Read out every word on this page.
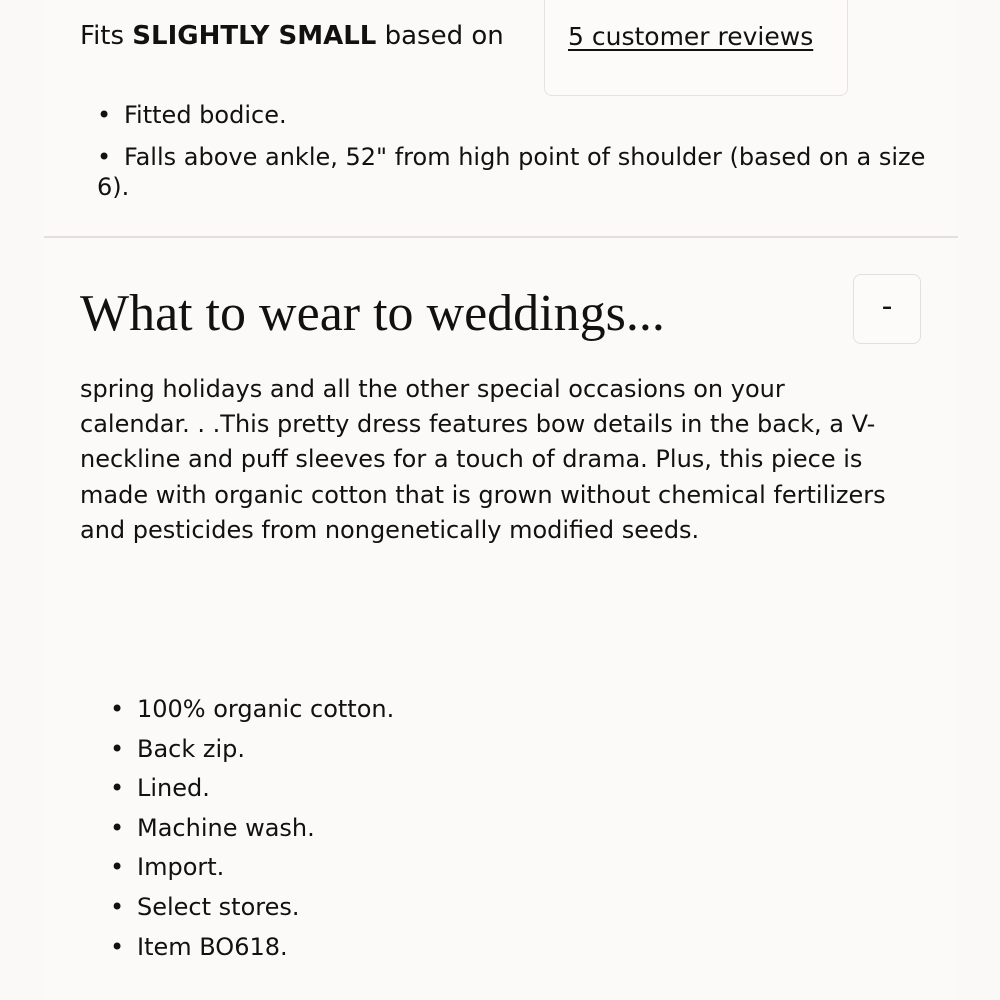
Fits SLIGHTLY SMALL based on	5 customer reviews
• Fitted bodice.
• Falls above ankle, 52" from high point of shoulder (based on a size 6).
What to wear to weddings...	-

spring holidays and all the other special occasions on your calendar. . .This pretty dress features bow details in the back, a V-neckline and puff sleeves for a touch of drama. Plus, this piece is made with organic cotton that is grown without chemical fertilizers and pesticides from nongenetically modified seeds.

• 100% organic cotton.
• Back zip.
• Lined.
• Machine wash.
• Import.
• Select stores.
• Item BO618.
